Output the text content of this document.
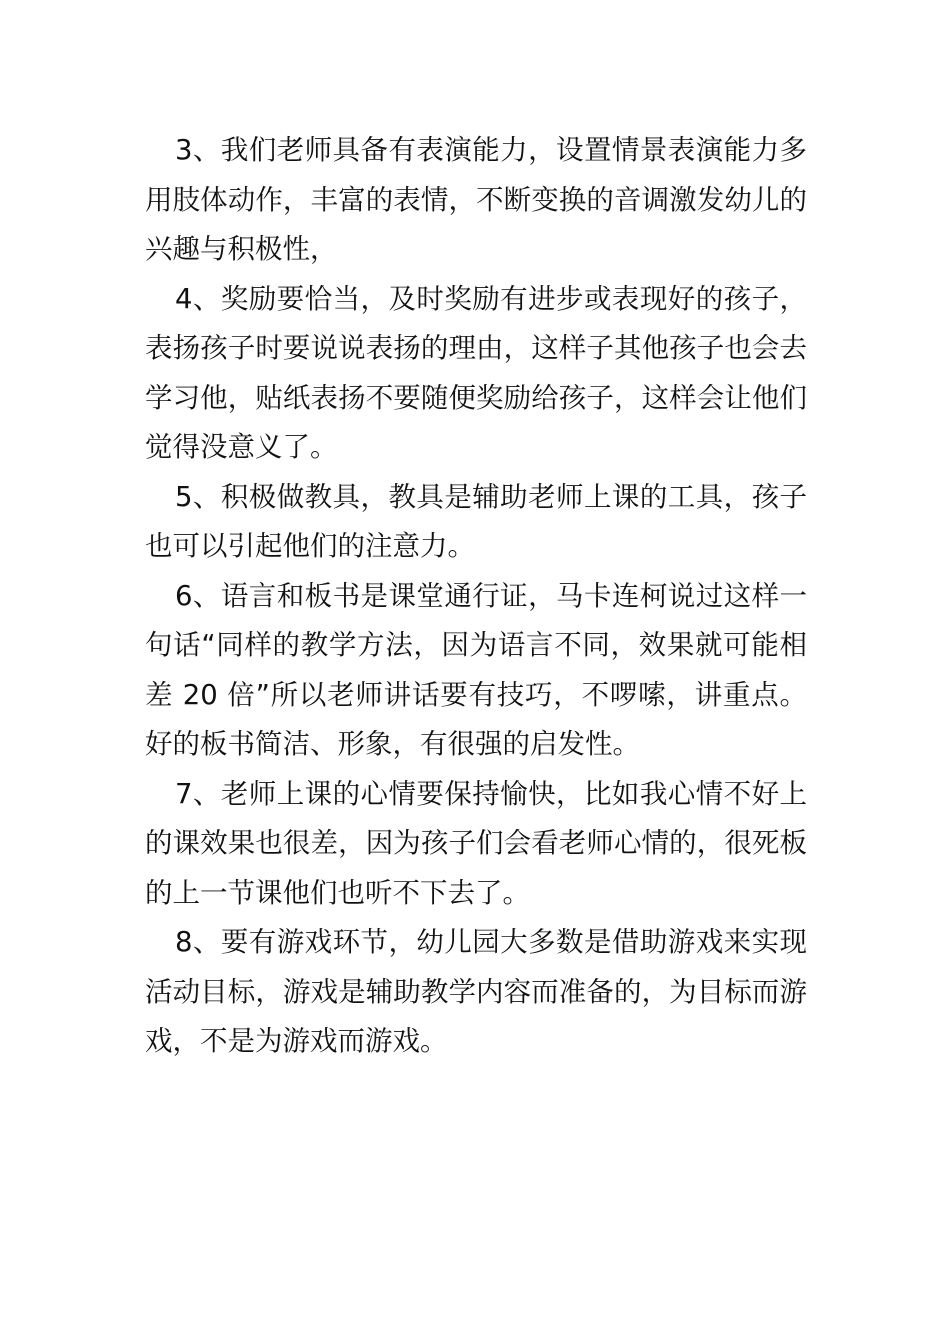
3、我们老师具备有表演能力，设置情景表演能力多用肢体动作，丰富的表情，不断变换的音调激发幼儿的兴趣与积极性，

4、奖励要恰当，及时奖励有进步或表现好的孩子，表扬孩子时要说说表扬的理由，这样子其他孩子也会去学习他，贴纸表扬不要随便奖励给孩子，这样会让他们觉得没意义了。

5、积极做教具，教具是辅助老师上课的工具，孩子也可以引起他们的注意力。

6、语言和板书是课堂通行证，马卡连柯说过这样一句话“同样的教学方法，因为语言不同，效果就可能相差 20 倍”所以老师讲话要有技巧，不啰嗦，讲重点。好的板书简洁、形象，有很强的启发性。

7、老师上课的心情要保持愉快，比如我心情不好上的课效果也很差，因为孩子们会看老师心情的，很死板的上一节课他们也听不下去了。

8、要有游戏环节，幼儿园大多数是借助游戏来实现活动目标，游戏是辅助教学内容而准备的，为目标而游戏，不是为游戏而游戏。
